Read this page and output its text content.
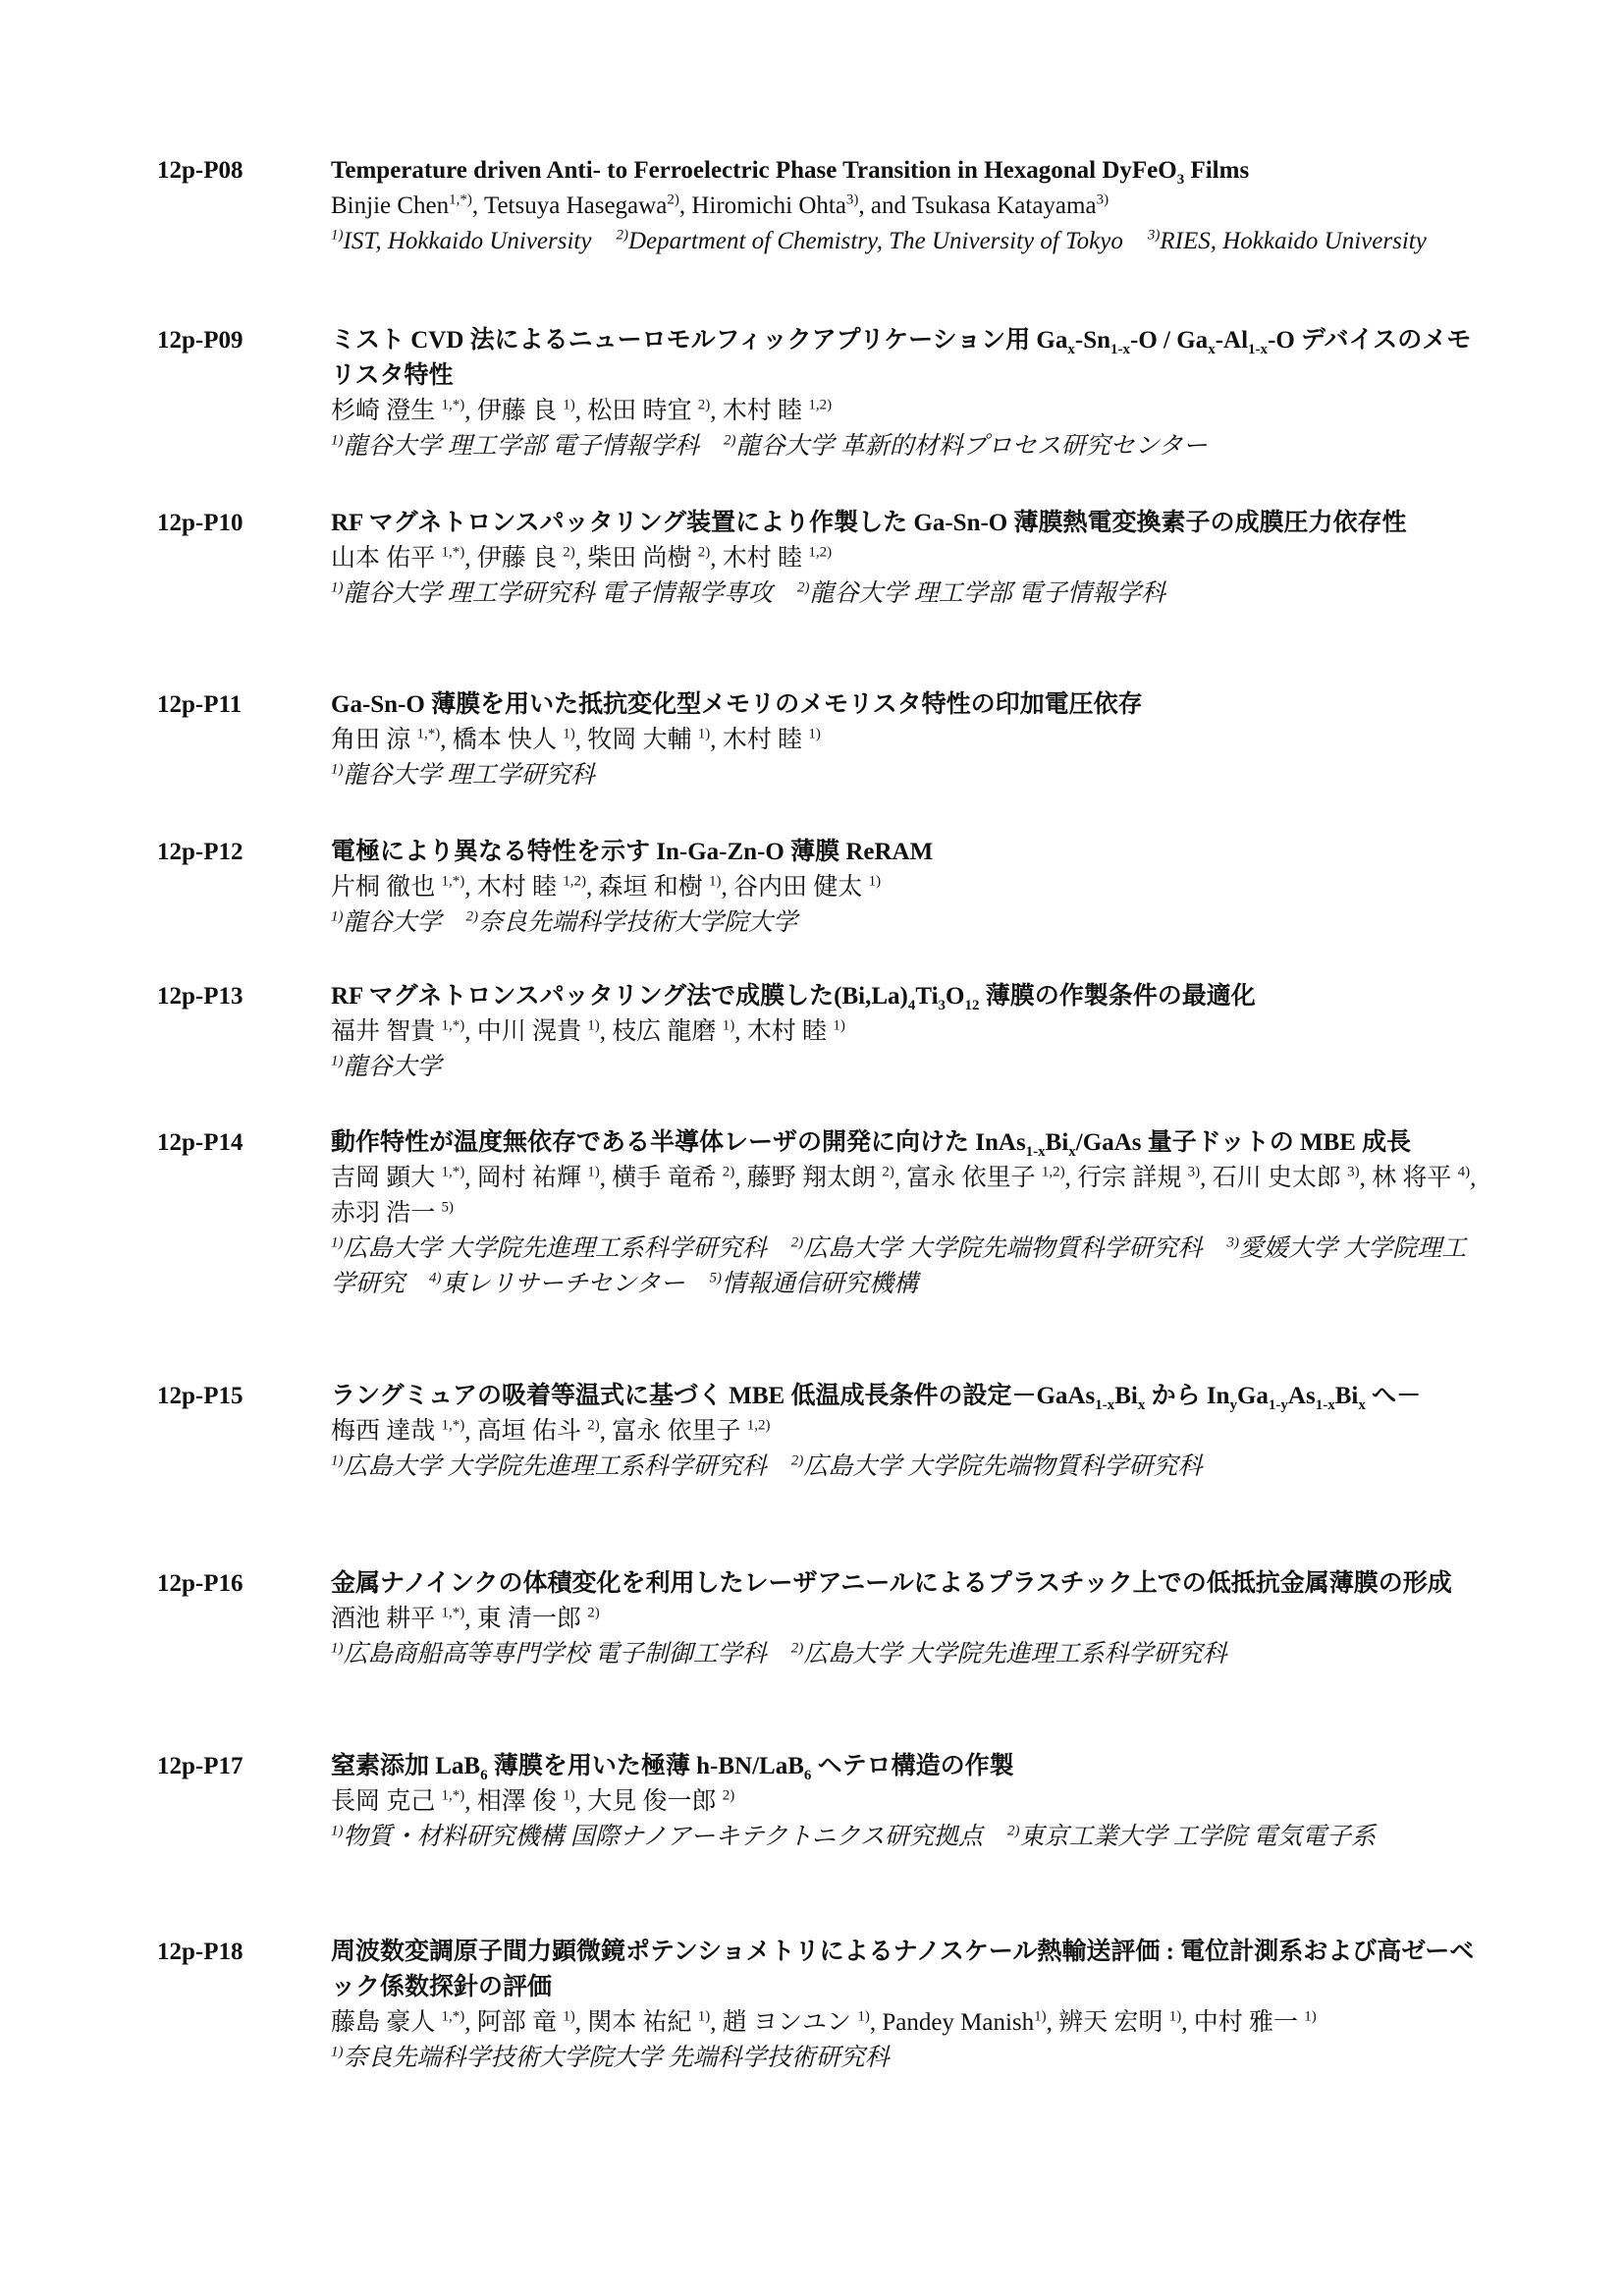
12p-P08	Temperature driven Anti- to Ferroelectric Phase Transition in Hexagonal DyFeO$_3$ Films

Binjie Chen$^{1,*)}$, Tetsuya Hasegawa$^{2)}$, Hiromichi Ohta$^{3)}$, and Tsukasa Katayama$^{3)}$

$^{1)}$IST, Hokkaido University    $^{2)}$Department of Chemistry, The University of Tokyo    $^{3)}$RIES, Hokkaido University

12p-P09	ミスト CVD 法によるニューロモルフィックアプリケーション用 $Ga_x-Sn_{1-x}-O / Ga_x-Al_{1-x}-O$ デバイスのメモリスタ特性

杉崎 澄生 $^{1,*)}$, 伊藤 良 $^{1)}$, 松田 時宜 $^{2)}$, 木村 睦 $^{1,2)}$

$^{1)}$龍谷大学 理工学部 電子情報学科    $^{2)}$龍谷大学 革新的材料プロセス研究センター

12p-P10	RF マグネトロンスパッタリング装置により作製した Ga-Sn-O 薄膜熱電変換素子の成膜圧力依存性

山本 佑平 $^{1,*)}$, 伊藤 良 $^{2)}$, 柴田 尚樹 $^{2)}$, 木村 睦 $^{1,2)}$

$^{1)}$龍谷大学 理工学研究科 電子情報学専攻    $^{2)}$龍谷大学 理工学部 電子情報学科

12p-P11	Ga-Sn-O 薄膜を用いた抵抗変化型メモリのメモリスタ特性の印加電圧依存

角田 涼 $^{1,*)}$, 橋本 快人 $^{1)}$, 牧岡 大輔 $^{1)}$, 木村 睦 $^{1)}$

$^{1)}$龍谷大学 理工学研究科

12p-P12	電極により異なる特性を示す In-Ga-Zn-O 薄膜 ReRAM

片桐 徹也 $^{1,*)}$, 木村 睦 $^{1,2)}$, 森垣 和樹 $^{1)}$, 谷内田 健太 $^{1)}$

$^{1)}$龍谷大学    $^{2)}$奈良先端科学技術大学院大学

12p-P13	RF マグネトロンスパッタリング法で成膜した$(Bi,La)_4Ti_3O_{12}$ 薄膜の作製条件の最適化

福井 智貴 $^{1,*)}$, 中川 滉貴 $^{1)}$, 枝広 龍磨 $^{1)}$, 木村 睦 $^{1)}$

$^{1)}$龍谷大学

12p-P14	動作特性が温度無依存である半導体レーザの開発に向けた $InAs_{1-x}Bi_x$/GaAs 量子ドットの MBE 成長

吉岡 顕大 $^{1,*)}$, 岡村 祐輝 $^{1)}$, 横手 竜希 $^{2)}$, 藤野 翔太朗 $^{2)}$, 富永 依里子 $^{1,2)}$, 行宗 詳規 $^{3)}$, 石川 史太郎 $^{3)}$, 林 将平 $^{4)}$, 赤羽 浩一 $^{5)}$

$^{1)}$広島大学 大学院先進理工系科学研究科    $^{2)}$広島大学 大学院先端物質科学研究科    $^{3)}$愛媛大学 大学院理工学研究    $^{4)}$東レリサーチセンター    $^{5)}$情報通信研究機構

12p-P15	ラングミュアの吸着等温式に基づく MBE 低温成長条件の設定$-GaAs_{1-x}Bi_x$ から $In_yGa_{1-y}As_{1-x}Bi_x$ へ－

梅西 達哉 $^{1,*)}$, 高垣 佑斗 $^{2)}$, 富永 依里子 $^{1,2)}$

$^{1)}$広島大学 大学院先進理工系科学研究科    $^{2)}$広島大学 大学院先端物質科学研究科

12p-P16	金属ナノインクの体積変化を利用したレーザアニールによるプラスチック上での低抵抗金属薄膜の形成

酒池 耕平 $^{1,*)}$, 東 清一郎 $^{2)}$

$^{1)}$広島商船高等専門学校 電子制御工学科    $^{2)}$広島大学 大学院先進理工系科学研究科

12p-P17	窒素添加 LaB$_6$ 薄膜を用いた極薄 h-BN/LaB$_6$ ヘテロ構造の作製

長岡 克己 $^{1,*)}$, 相澤 俊 $^{1)}$, 大見 俊一郎 $^{2)}$

$^{1)}$物質・材料研究機構 国際ナノアーキテクトニクス研究拠点    $^{2)}$東京工業大学 工学院 電気電子系

12p-P18	周波数変調原子間力顕微鏡ポテンショメトリによるナノスケール熱輸送評価 : 電位計測系および高ゼーベック係数探針の評価

藤島 豪人 $^{1,*)}$, 阿部 竜 $^{1)}$, 関本 祐紀 $^{1)}$, 趙 ヨンユン $^{1)}$, Pandey Manish$^{1)}$, 辨天 宏明 $^{1)}$, 中村 雅一 $^{1)}$

$^{1)}$奈良先端科学技術大学院大学 先端科学技術研究科
